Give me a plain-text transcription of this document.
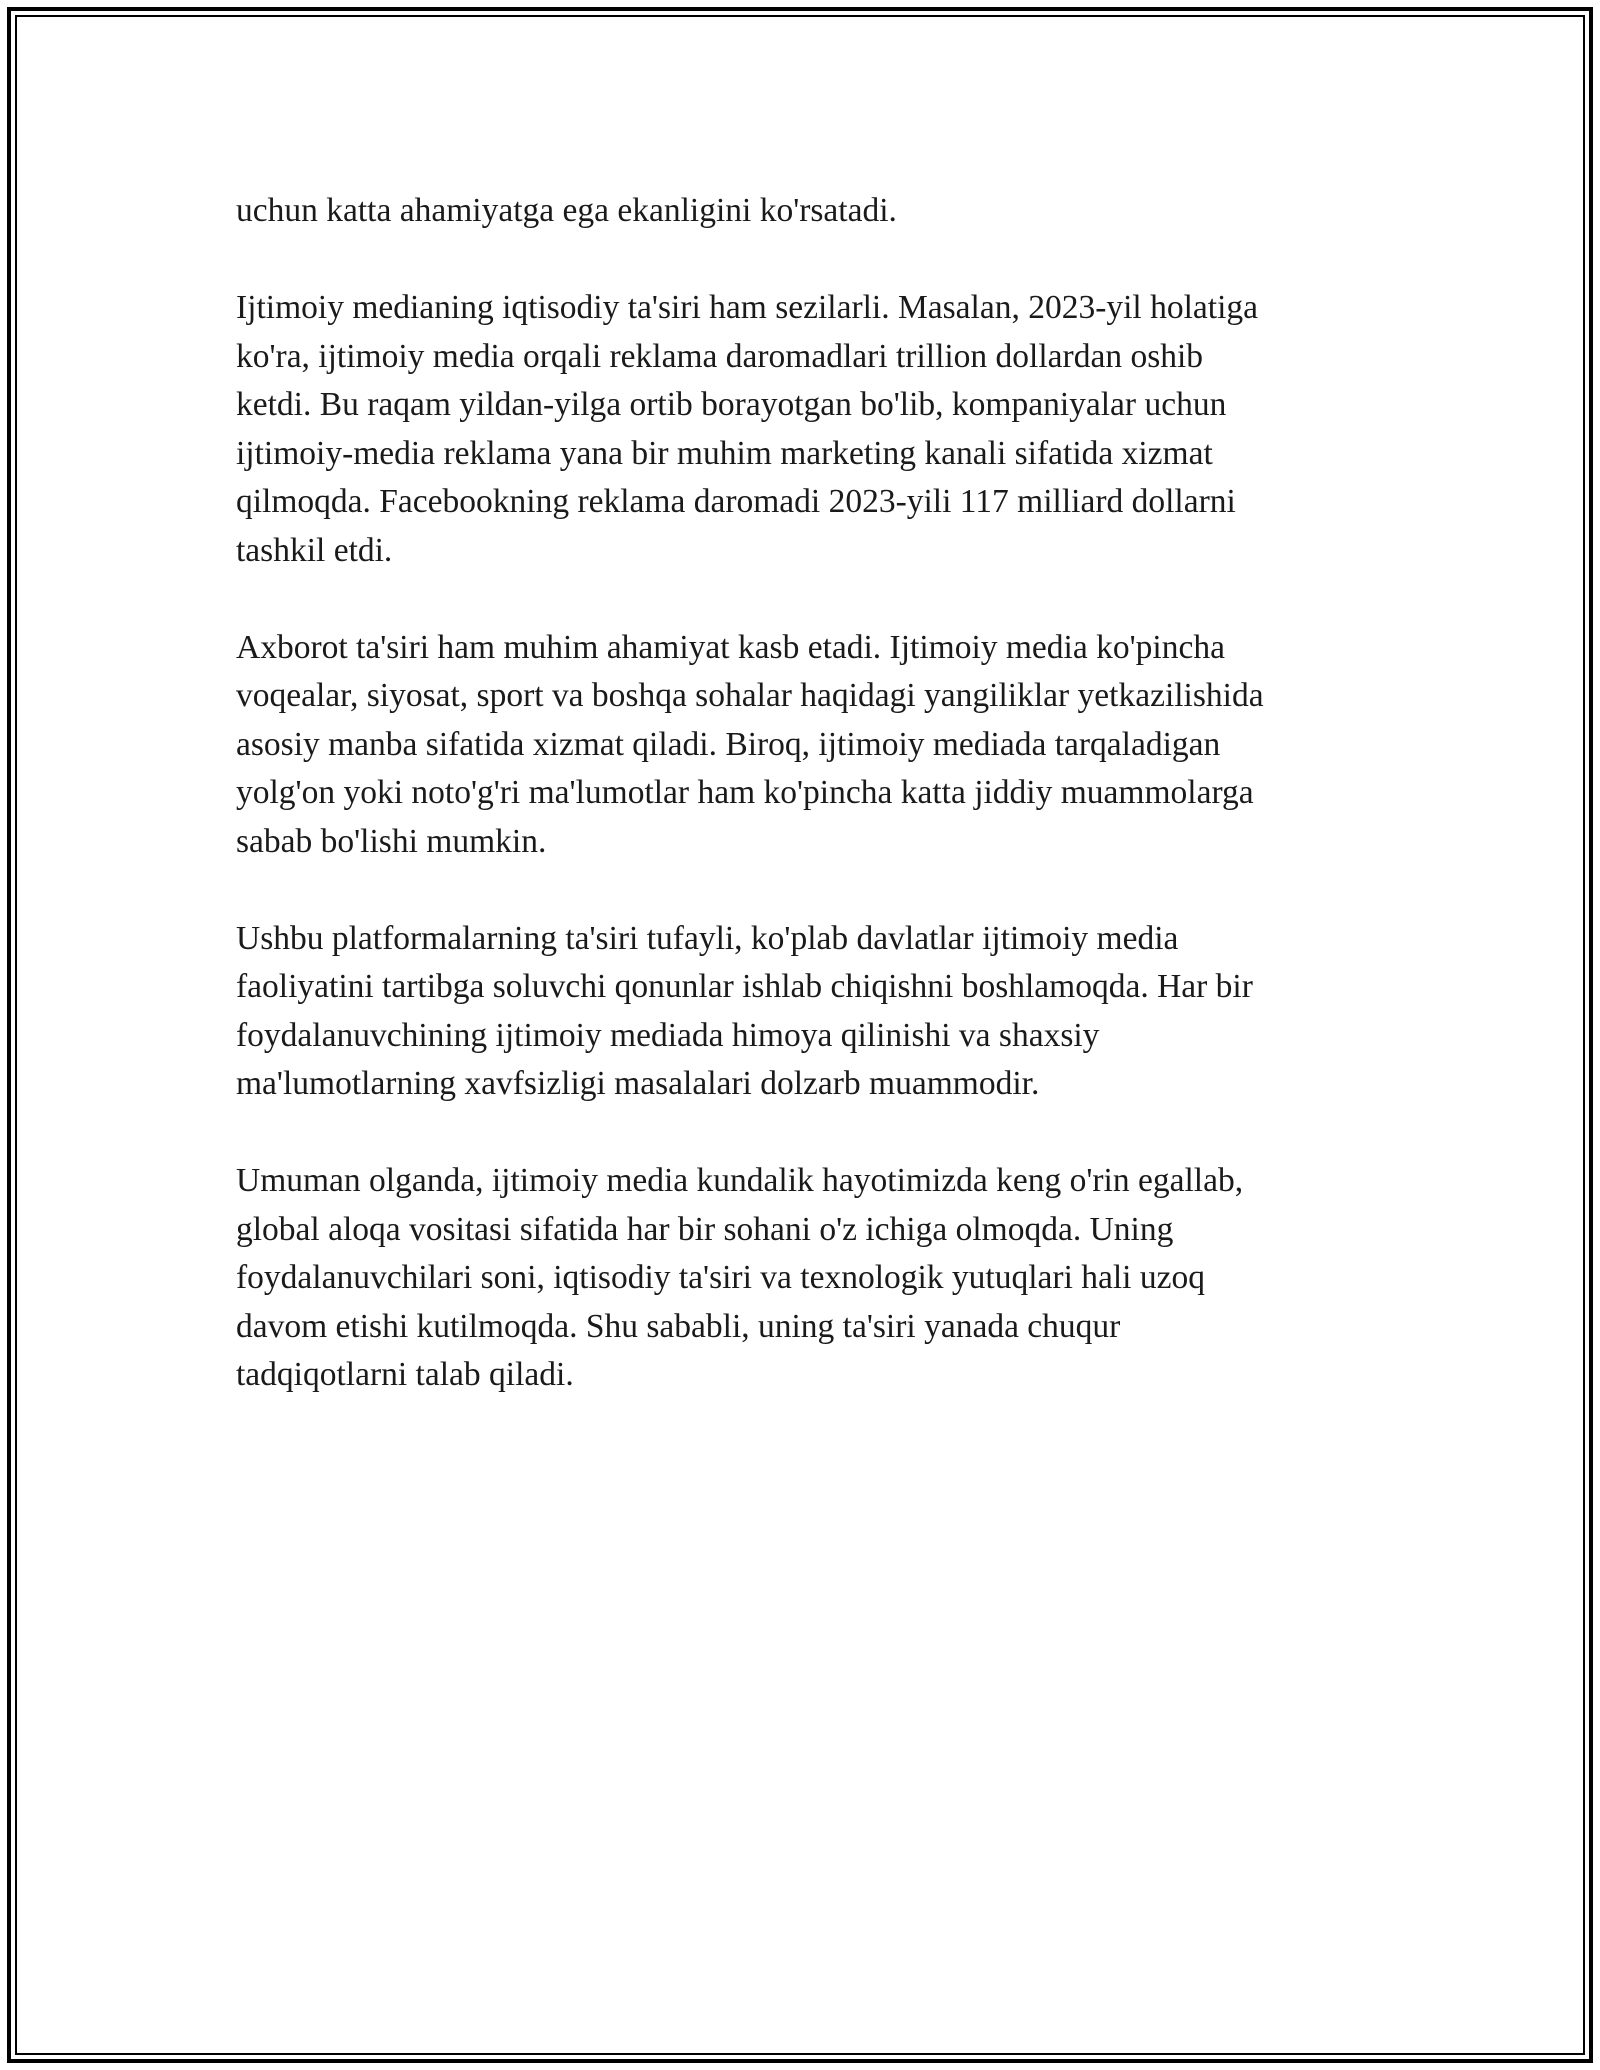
uchun katta ahamiyatga ega ekanligini ko'rsatadi.

Ijtimoiy medianing iqtisodiy ta'siri ham sezilarli. Masalan, 2023-yil holatiga
ko'ra, ijtimoiy media orqali reklama daromadlari trillion dollardan oshib
ketdi. Bu raqam yildan-yilga ortib borayotgan bo'lib, kompaniyalar uchun
ijtimoiy-media reklama yana bir muhim marketing kanali sifatida xizmat
qilmoqda. Facebookning reklama daromadi 2023-yili 117 milliard dollarni
tashkil etdi.

Axborot ta'siri ham muhim ahamiyat kasb etadi. Ijtimoiy media ko'pincha
voqealar, siyosat, sport va boshqa sohalar haqidagi yangiliklar yetkazilishida
asosiy manba sifatida xizmat qiladi. Biroq, ijtimoiy mediada tarqaladigan
yolg'on yoki noto'g'ri ma'lumotlar ham ko'pincha katta jiddiy muammolarga
sabab bo'lishi mumkin.

Ushbu platformalarning ta'siri tufayli, ko'plab davlatlar ijtimoiy media
faoliyatini tartibga soluvchi qonunlar ishlab chiqishni boshlamoqda. Har bir
foydalanuvchining ijtimoiy mediada himoya qilinishi va shaxsiy
ma'lumotlarning xavfsizligi masalalari dolzarb muammodir.

Umuman olganda, ijtimoiy media kundalik hayotimizda keng o'rin egallab,
global aloqa vositasi sifatida har bir sohani o'z ichiga olmoqda. Uning
foydalanuvchilari soni, iqtisodiy ta'siri va texnologik yutuqlari hali uzoq
davom etishi kutilmoqda. Shu sababli, uning ta'siri yanada chuqur
tadqiqotlarni talab qiladi.
